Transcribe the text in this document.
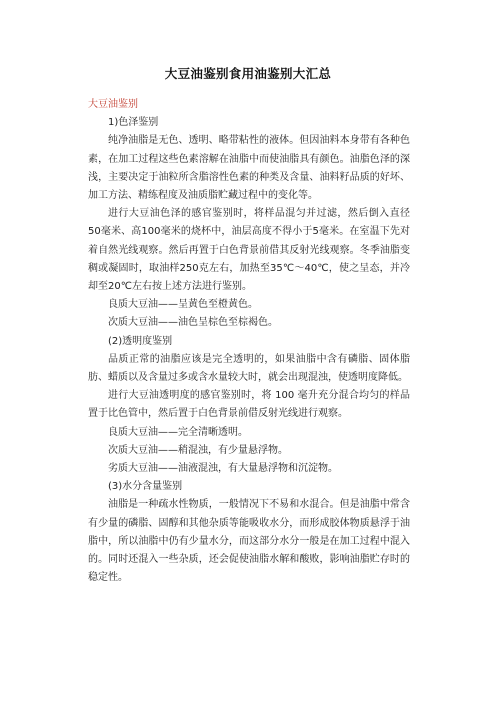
大豆油鉴别食用油鉴别大汇总

大豆油鉴别

1)色泽鉴别

纯净油脂是无色、透明、略带粘性的液体。但因油料本身带有各种色素，在加工过程这些色素溶解在油脂中而使油脂具有颜色。油脂色泽的深浅，主要决定于油粒所含脂溶性色素的种类及含量、油料籽品质的好坏、加工方法、精练程度及油质脂贮藏过程中的变化等。

进行大豆油色泽的感官鉴别时，将样品混匀并过滤，然后倒入直径50毫米、高100毫米的烧杯中，油层高度不得小于5毫米。在室温下先对着自然光线观察。然后再置于白色背景前借其反射光线观察。冬季油脂变稠或凝固时，取油样250克左右，加热至35℃～40℃，使之呈态，并冷却至20℃左右按上述方法进行鉴别。

良质大豆油——呈黄色至橙黄色。

次质大豆油——油色呈棕色至棕褐色。

(2)透明度鉴别

品质正常的油脂应该是完全透明的，如果油脂中含有磷脂、固体脂肪、蜡质以及含量过多或含水量较大时，就会出现混浊，使透明度降低。

进行大豆油透明度的感官鉴别时，将 100 毫升充分混合均匀的样品置于比色管中，然后置于白色背景前借反射光线进行观察。

良质大豆油——完全清晰透明。

次质大豆油——稍混浊，有少量悬浮物。

劣质大豆油——油液混浊，有大量悬浮物和沉淀物。

(3)水分含量鉴别

油脂是一种疏水性物质，一般情况下不易和水混合。但是油脂中常含有少量的磷脂、固醇和其他杂质等能吸收水分，而形成胶体物质悬浮于油脂中，所以油脂中仍有少量水分，而这部分水分一般是在加工过程中混入的。同时还混入一些杂质，还会促使油脂水解和酸败，影响油脂贮存时的稳定性。
